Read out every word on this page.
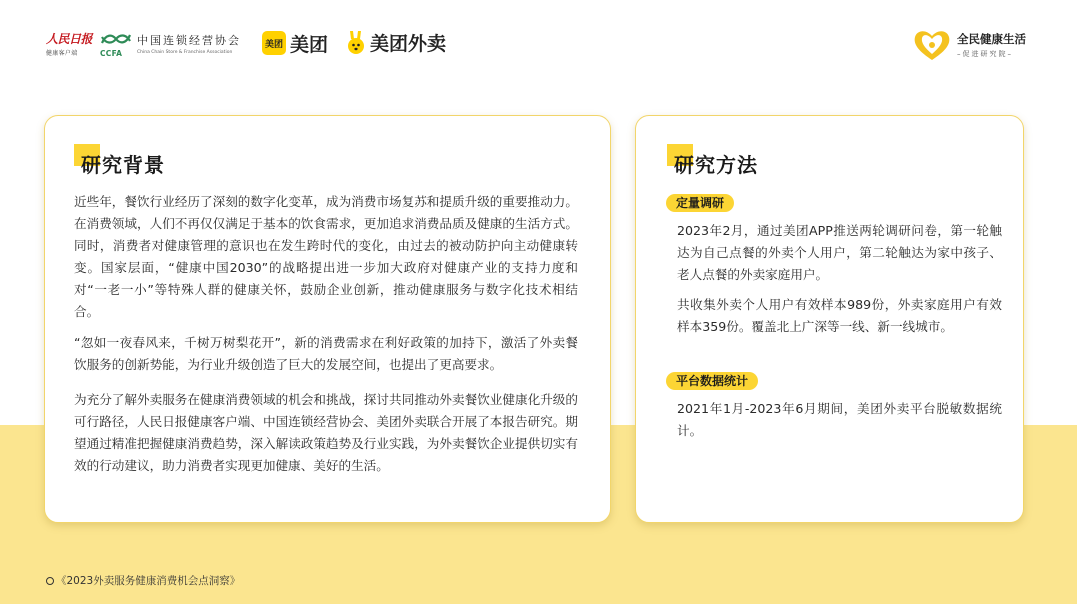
人民日报
健康客户端	CCFA
中国连锁经营协会
China Chain Store & Franchise Association
美团 美团 美团外卖	全民健康生活
–促进研究院–
研究背景

近些年，餐饮行业经历了深刻的数字化变革，成为消费市场复苏和提质升级的重要推动力。在消费领域，人们不再仅仅满足于基本的饮食需求，更加追求消费品质及健康的生活方式。同时，消费者对健康管理的意识也在发生跨时代的变化，由过去的被动防护向主动健康转变。国家层面，“健康中国2030”的战略提出进一步加大政府对健康产业的支持力度和对“一老一小”等特殊人群的健康关怀，鼓励企业创新，推动健康服务与数字化技术相结合。

“忽如一夜春风来，千树万树梨花开”，新的消费需求在利好政策的加持下，激活了外卖餐饮服务的创新势能，为行业升级创造了巨大的发展空间，也提出了更高要求。

为充分了解外卖服务在健康消费领域的机会和挑战，探讨共同推动外卖餐饮业健康化升级的可行路径，人民日报健康客户端、中国连锁经营协会、美团外卖联合开展了本报告研究。期望通过精准把握健康消费趋势，深入解读政策趋势及行业实践，为外卖餐饮企业提供切实有效的行动建议，助力消费者实现更加健康、美好的生活。

研究方法
定量调研

2023年2月，通过美团APP推送两轮调研问卷，第一轮触达为自己点餐的外卖个人用户，第二轮触达为家中孩子、老人点餐的外卖家庭用户。

共收集外卖个人用户有效样本989份，外卖家庭用户有效样本359份。覆盖北上广深等一线、新一线城市。

平台数据统计

2021年1月-2023年6月期间，美团外卖平台脱敏数据统计。

《2023外卖服务健康消费机会点洞察》
